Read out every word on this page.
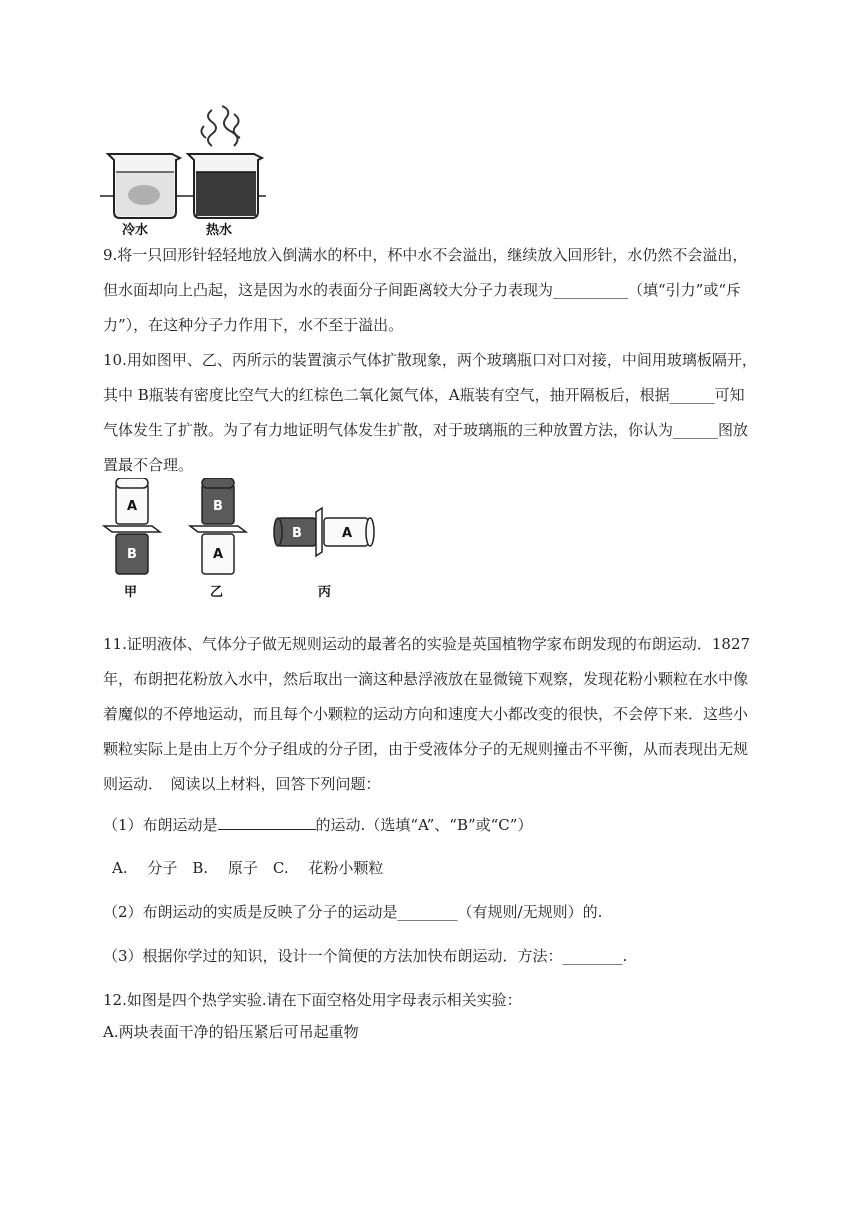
冷水	热水
9.将一只回形针轻轻地放入倒满水的杯中，杯中水不会溢出，继续放入回形针，水仍然不会溢出，
但水面却向上凸起，这是因为水的表面分子间距离较大分子力表现为__________（填“引力”或“斥
力”），在这种分子力作用下，水不至于溢出。
10.用如图甲、乙、丙所示的装置演示气体扩散现象，两个玻璃瓶口对口对接，中间用玻璃板隔开，
其中 B瓶装有密度比空气大的红棕色二氧化氮气体，A瓶装有空气，抽开隔板后，根据______可知
气体发生了扩散。为了有力地证明气体发生扩散，对于玻璃瓶的三种放置方法，你认为______图放
置最不合理。
A
B
甲
B
A
乙
B	A
丙
11.证明液体、气体分子做无规则运动的最著名的实验是英国植物学家布朗发现的布朗运动．1827
年，布朗把花粉放入水中，然后取出一滴这种悬浮液放在显微镜下观察，发现花粉小颗粒在水中像
着魔似的不停地运动，而且每个小颗粒的运动方向和速度大小都改变的很快，不会停下来．这些小
颗粒实际上是由上万个分子组成的分子团，由于受液体分子的无规则撞击不平衡，从而表现出无规
则运动．　阅读以上材料，回答下列问题：
（1）布朗运动是	的运动.（选填“A”、“B”或“C”）
A.　 分子　B.　 原子　C.　 花粉小颗粒
（2）布朗运动的实质是反映了分子的运动是________（有规则/无规则）的.
（3）根据你学过的知识，设计一个简便的方法加快布朗运动．方法：________.
12.如图是四个热学实验.请在下面空格处用字母表示相关实验：
A.两块表面干净的铅压紧后可吊起重物
